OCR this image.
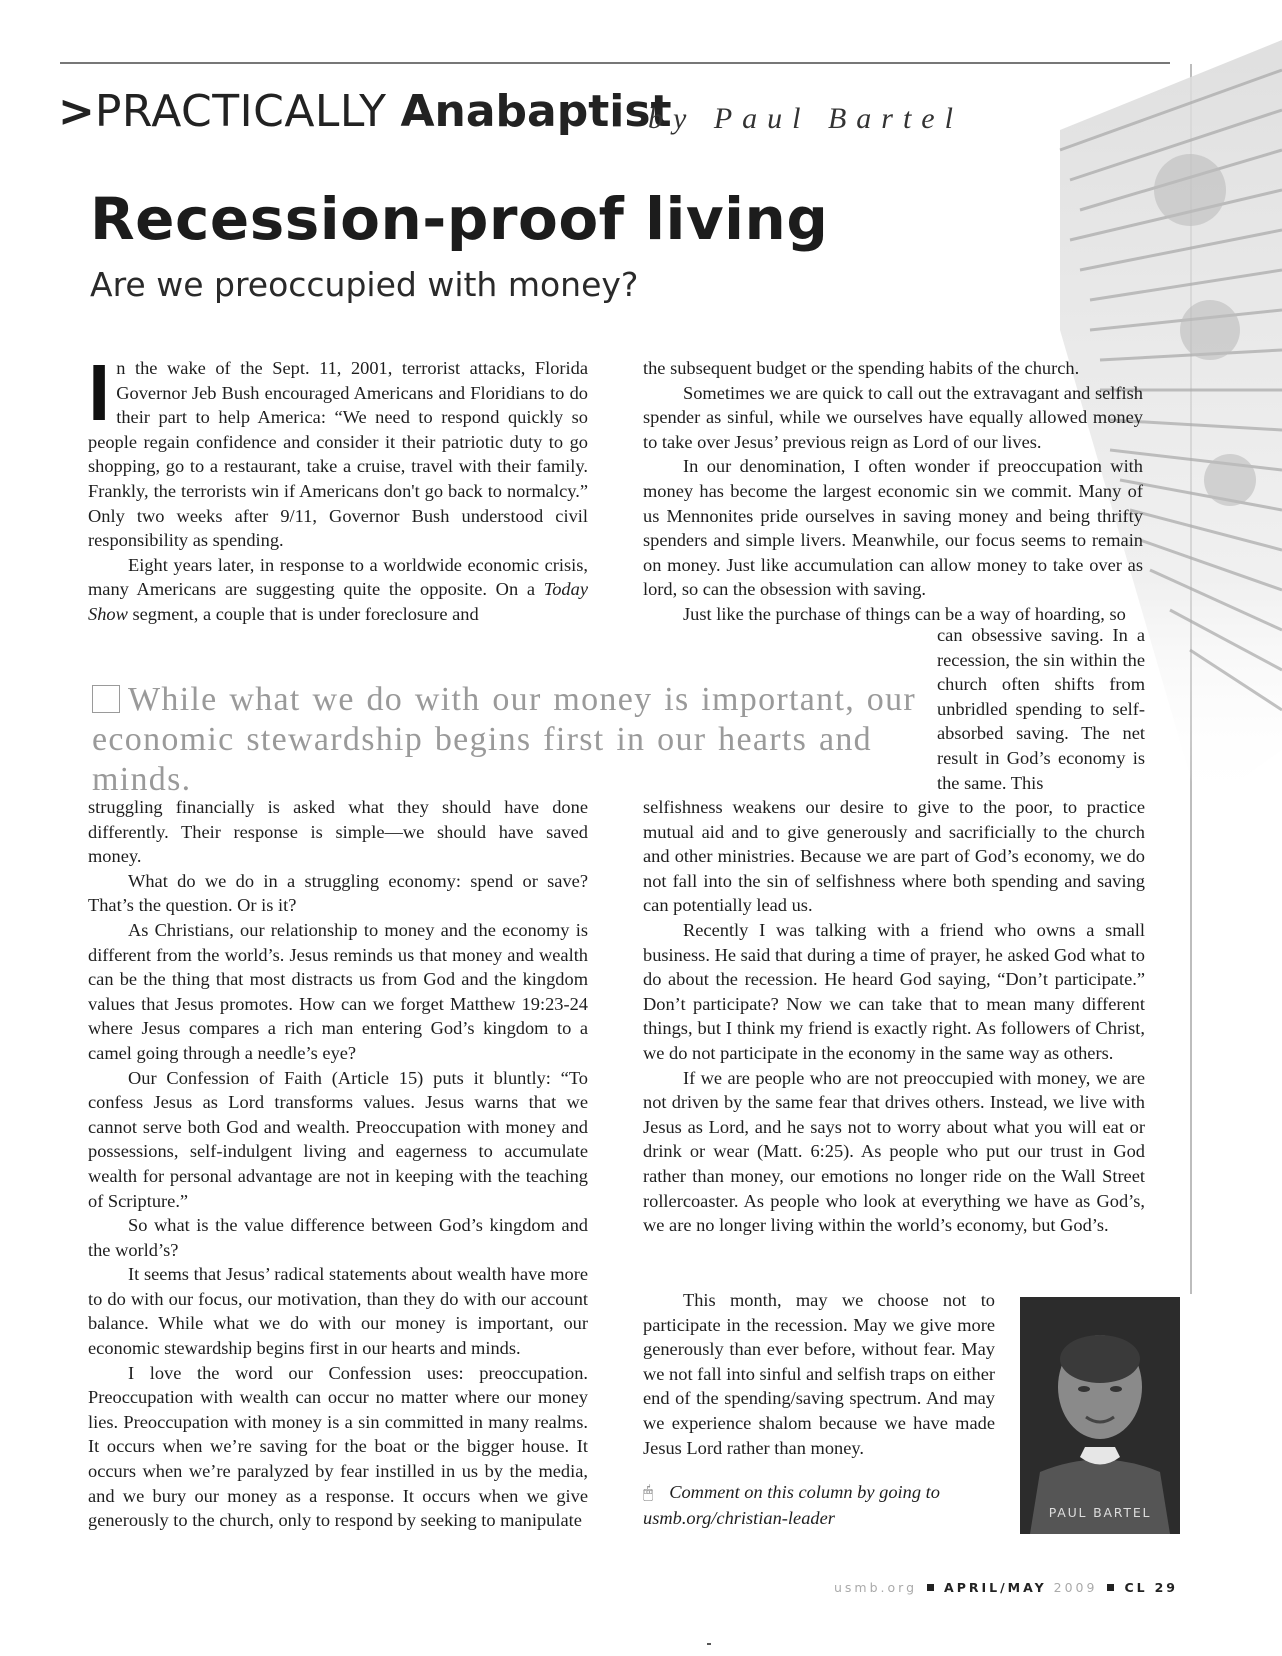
>PRACTICALLY Anabaptist
by Paul Bartel
Recession-proof living
Are we preoccupied with money?

In the wake of the Sept. 11, 2001, terrorist attacks, Florida Governor Jeb Bush encouraged Americans and Floridians to do their part to help America: “We need to respond quickly so people regain confidence and consider it their patriotic duty to go shopping, go to a restaurant, take a cruise, travel with their family. Frankly, the terrorists win if Americans don't go back to normalcy.” Only two weeks after 9/11, Governor Bush understood civil responsibility as spending.

Eight years later, in response to a worldwide economic crisis, many Americans are suggesting quite the opposite. On a Today Show segment, a couple that is under foreclosure and

the subsequent budget or the spending habits of the church.

Sometimes we are quick to call out the extravagant and selfish spender as sinful, while we ourselves have equally allowed money to take over Jesus’ previous reign as Lord of our lives.

In our denomination, I often wonder if preoccupation with money has become the largest economic sin we commit. Many of us Mennonites pride ourselves in saving money and being thrifty spenders and simple livers. Meanwhile, our focus seems to remain on money. Just like accumulation can allow money to take over as lord, so can the obsession with saving.

Just like the purchase of things can be a way of hoarding, so

can obsessive saving. In a recession, the sin within the church often shifts from unbridled spending to self-absorbed saving. The net result in God’s economy is the same. This

While what we do with our money is important, our economic stewardship begins first in our hearts and minds.

struggling financially is asked what they should have done differently. Their response is simple—we should have saved money.

What do we do in a struggling economy: spend or save? That’s the question. Or is it?

As Christians, our relationship to money and the economy is different from the world’s. Jesus reminds us that money and wealth can be the thing that most distracts us from God and the kingdom values that Jesus promotes. How can we forget Matthew 19:23-24 where Jesus compares a rich man entering God’s kingdom to a camel going through a needle’s eye?

Our Confession of Faith (Article 15) puts it bluntly: “To confess Jesus as Lord transforms values. Jesus warns that we cannot serve both God and wealth. Preoccupation with money and possessions, self-indulgent living and eagerness to accumulate wealth for personal advantage are not in keeping with the teaching of Scripture.”

So what is the value difference between God’s kingdom and the world’s?

It seems that Jesus’ radical statements about wealth have more to do with our focus, our motivation, than they do with our account balance. While what we do with our money is important, our economic stewardship begins first in our hearts and minds.

I love the word our Confession uses: preoccupation. Preoccupation with wealth can occur no matter where our money lies. Preoccupation with money is a sin committed in many realms. It occurs when we’re saving for the boat or the bigger house. It occurs when we’re paralyzed by fear instilled in us by the media, and we bury our money as a response. It occurs when we give generously to the church, only to respond by seeking to manipulate

selfishness weakens our desire to give to the poor, to practice mutual aid and to give generously and sacrificially to the church and other ministries. Because we are part of God’s economy, we do not fall into the sin of selfishness where both spending and saving can potentially lead us.

Recently I was talking with a friend who owns a small business. He said that during a time of prayer, he asked God what to do about the recession. He heard God saying, “Don’t participate.” Don’t participate? Now we can take that to mean many different things, but I think my friend is exactly right. As followers of Christ, we do not participate in the economy in the same way as others.

If we are people who are not preoccupied with money, we are not driven by the same fear that drives others. Instead, we live with Jesus as Lord, and he says not to worry about what you will eat or drink or wear (Matt. 6:25). As people who put our trust in God rather than money, our emotions no longer ride on the Wall Street rollercoaster. As people who look at everything we have as God’s, we are no longer living within the world’s economy, but God’s.

This month, may we choose not to participate in the recession. May we give more generously than ever before, without fear. May we not fall into sinful and selfish traps on either end of the spending/saving spectrum. And may we experience shalom because we have made Jesus Lord rather than money.

🖱 Comment on this column by going to
usmb.org/christian-leader	PAUL BARTEL
usmb.org APRIL/MAY 2009 CL 29
